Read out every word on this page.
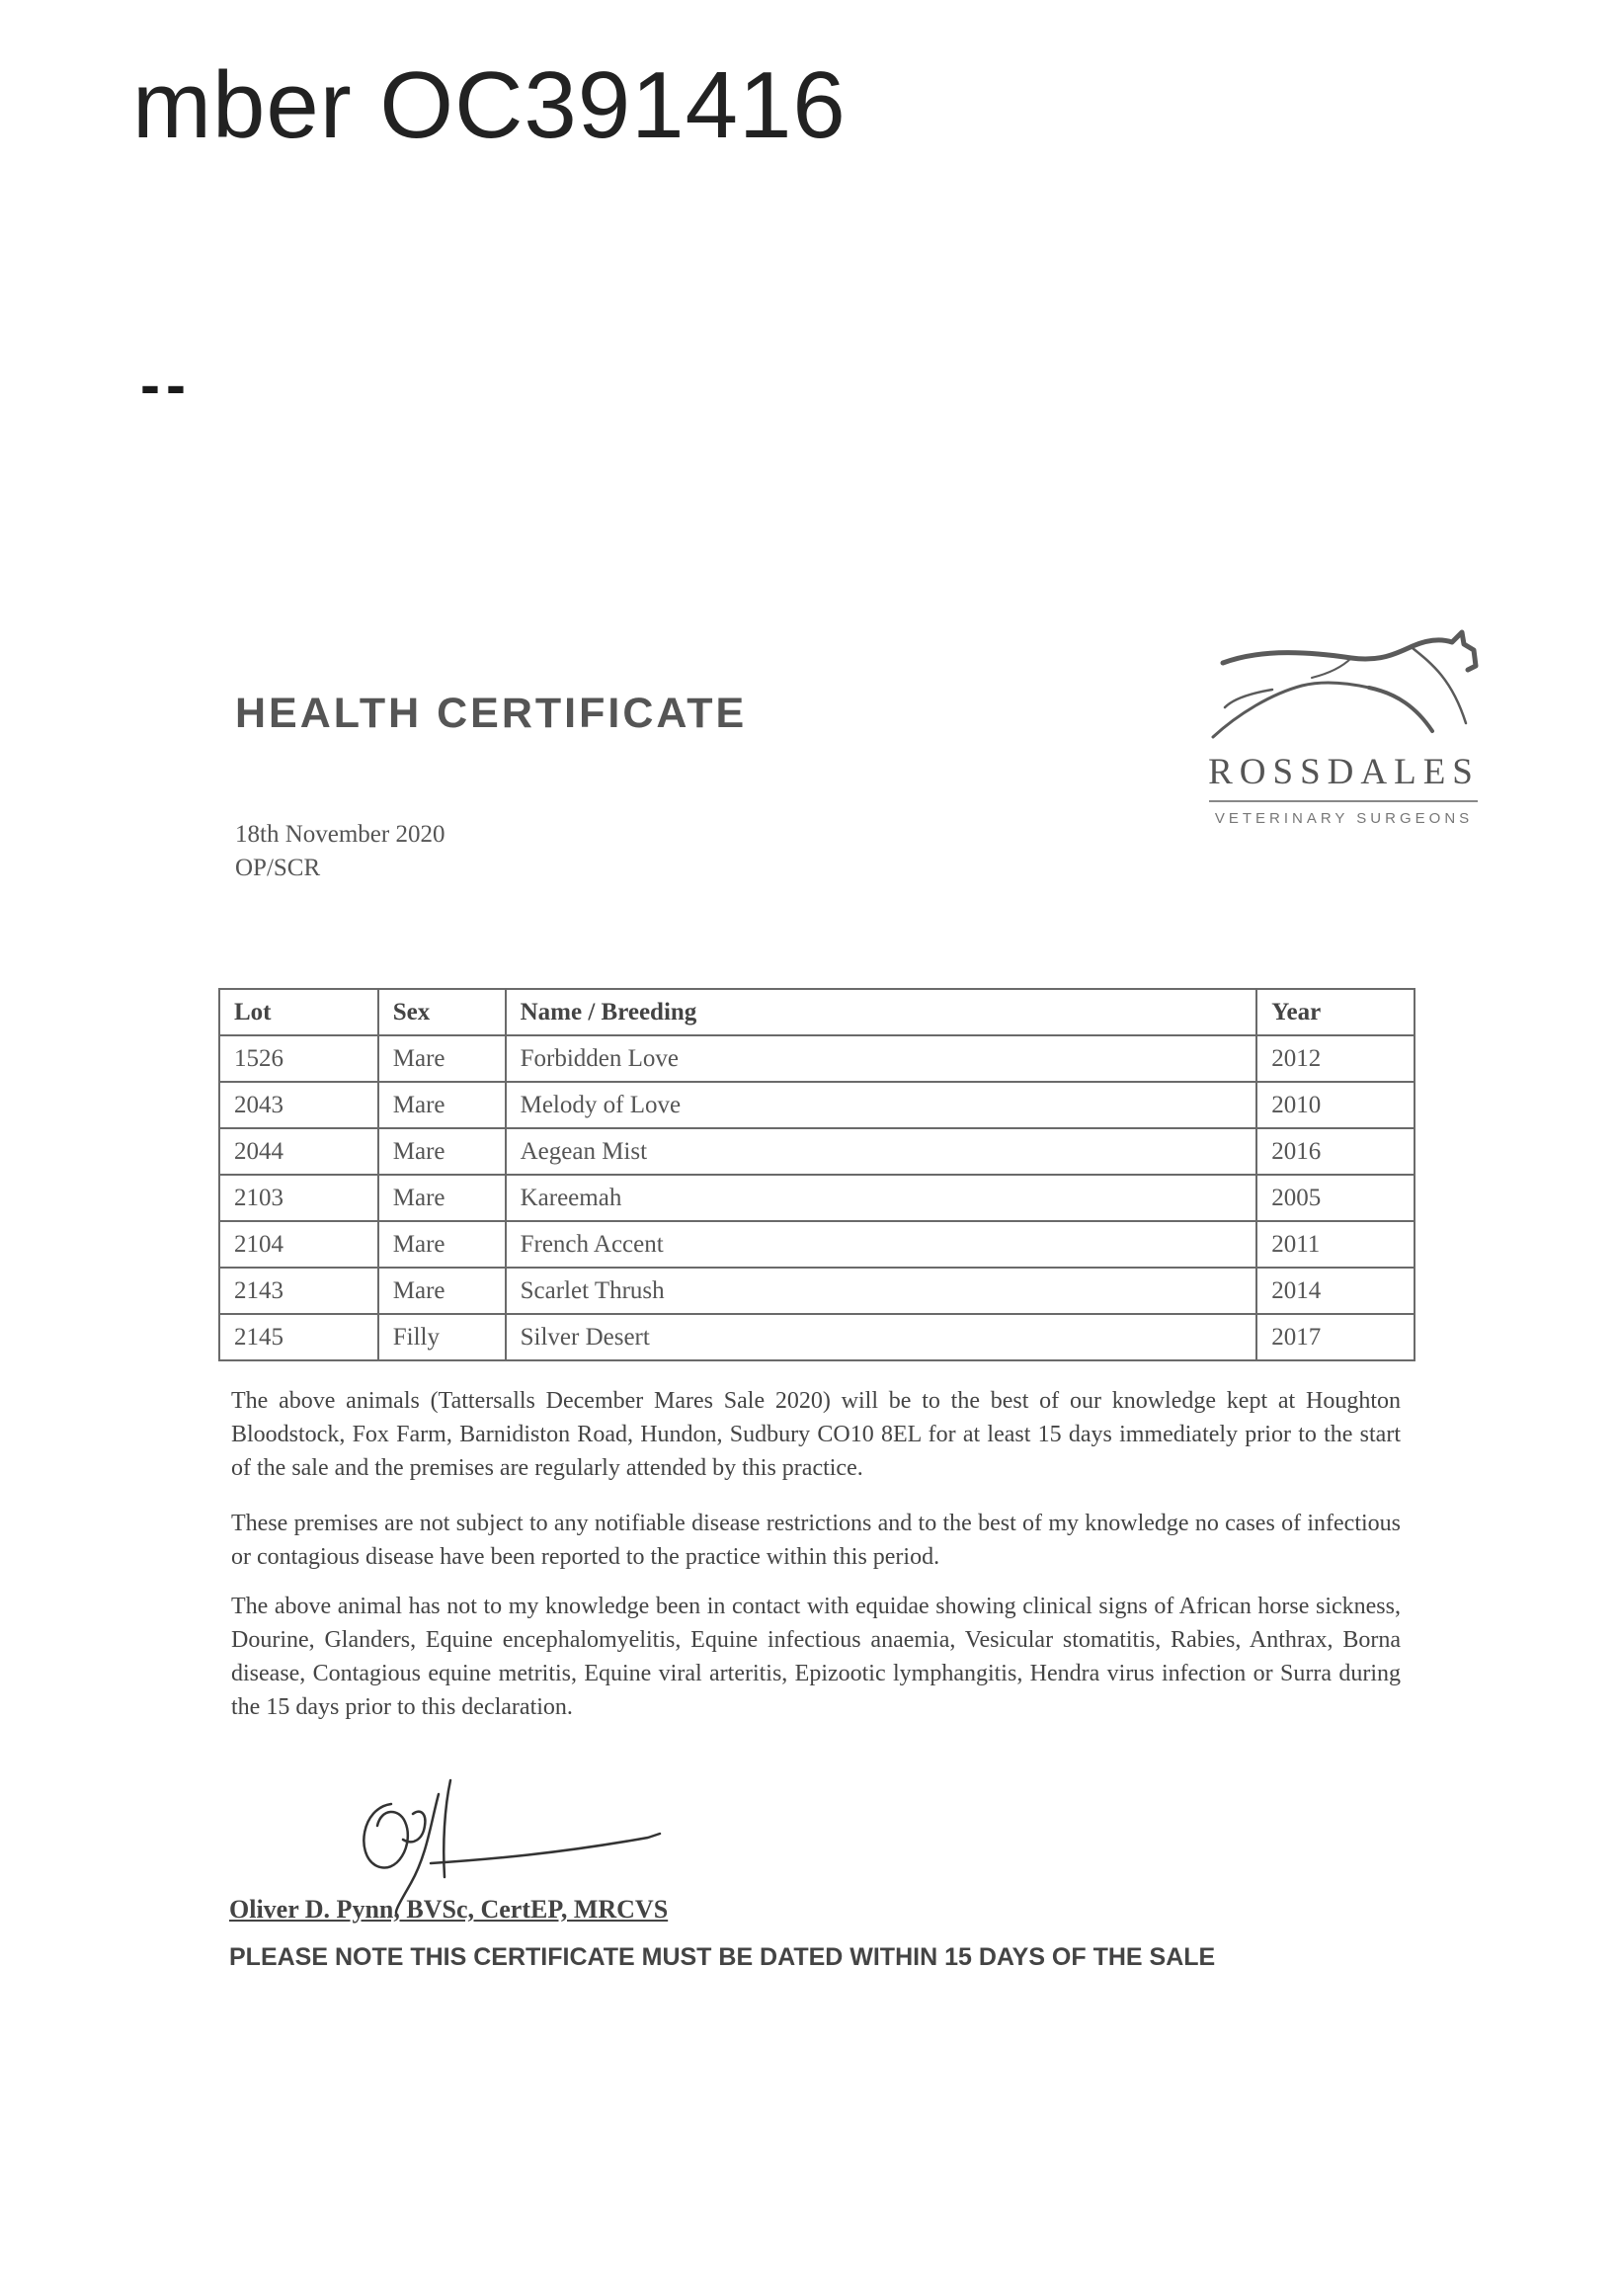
mber OC391416
--
HEALTH CERTIFICATE
ROSSDALES
VETERINARY SURGEONS
18th November 2020
OP/SCR
Lot	Sex	Name / Breeding	Year
1526	Mare	Forbidden Love	2012
2043	Mare	Melody of Love	2010
2044	Mare	Aegean Mist	2016
2103	Mare	Kareemah	2005
2104	Mare	French Accent	2011
2143	Mare	Scarlet Thrush	2014
2145	Filly	Silver Desert	2017

The above animals (Tattersalls December Mares Sale 2020) will be to the best of our knowledge kept at Houghton Bloodstock, Fox Farm, Barnidiston Road, Hundon, Sudbury CO10 8EL for at least 15 days immediately prior to the start of the sale and the premises are regularly attended by this practice.

These premises are not subject to any notifiable disease restrictions and to the best of my knowledge no cases of infectious or contagious disease have been reported to the practice within this period.

The above animal has not to my knowledge been in contact with equidae showing clinical signs of African horse sickness, Dourine, Glanders, Equine encephalomyelitis, Equine infectious anaemia, Vesicular stomatitis, Rabies, Anthrax, Borna disease, Contagious equine metritis, Equine viral arteritis, Epizootic lymphangitis, Hendra virus infection or Surra during the 15 days prior to this declaration.

Oliver D. Pynn, BVSc, CertEP, MRCVS
PLEASE NOTE THIS CERTIFICATE MUST BE DATED WITHIN 15 DAYS OF THE SALE
